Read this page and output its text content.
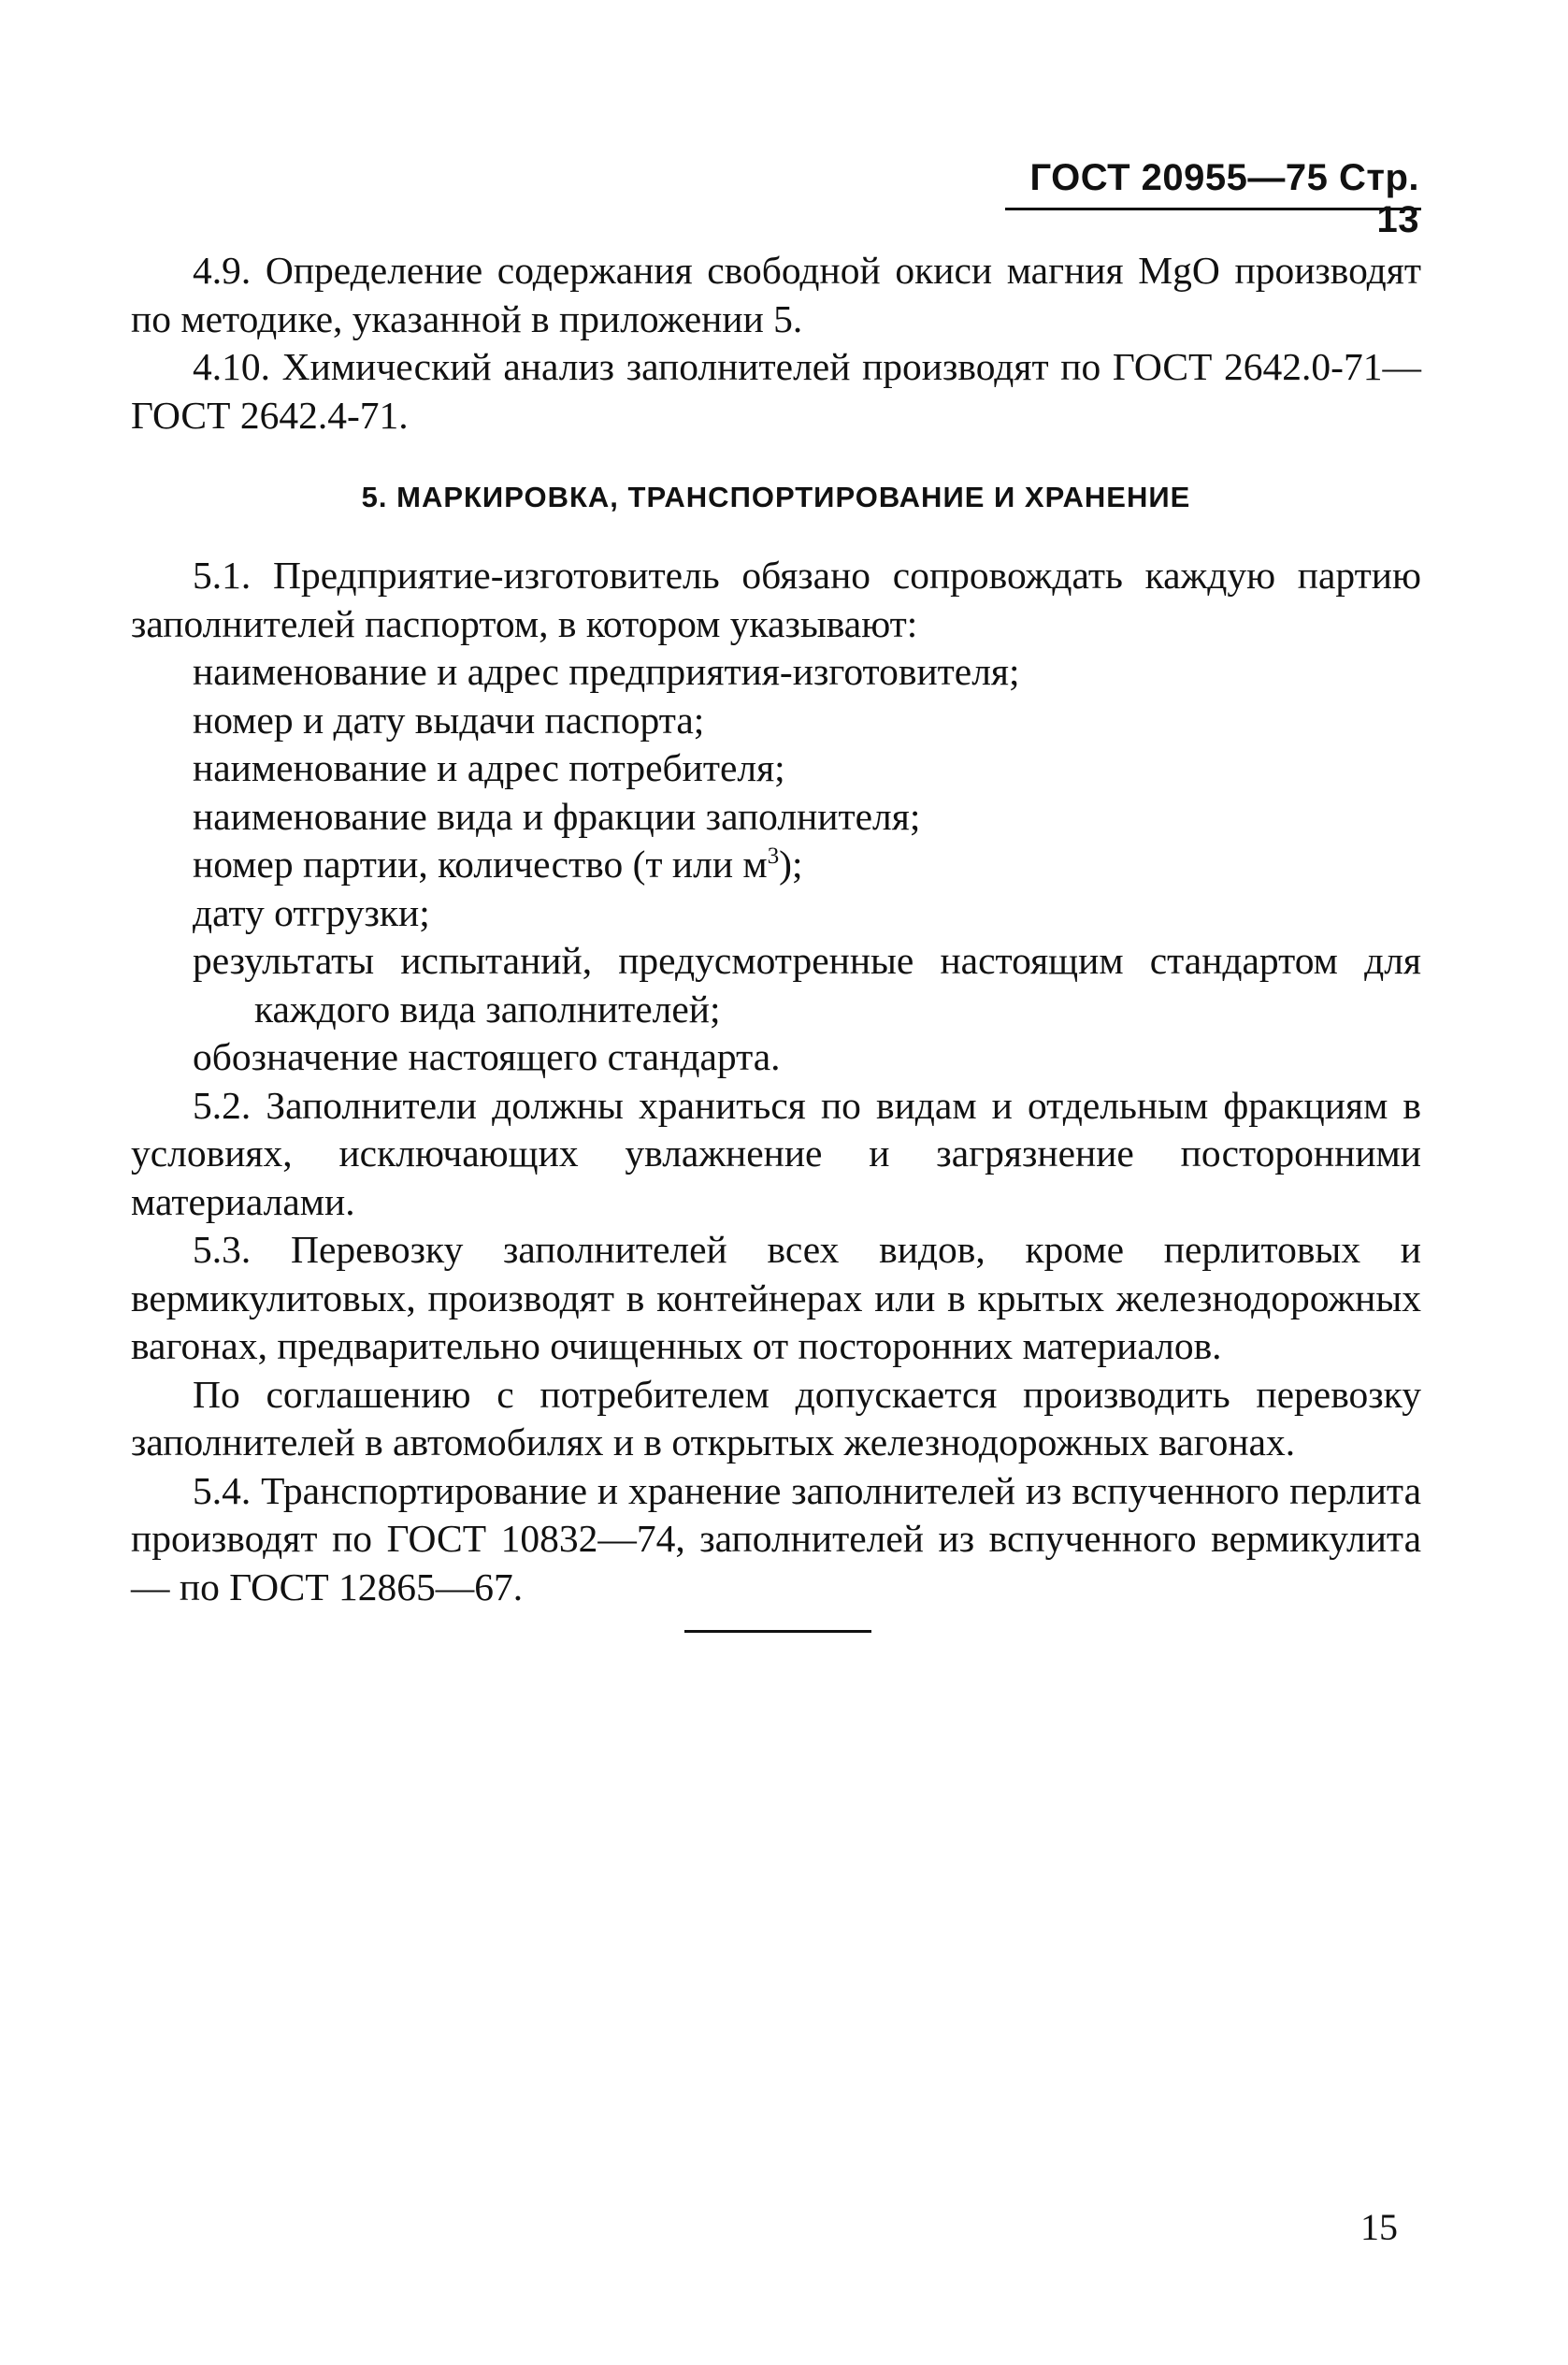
ГОСТ 20955—75 Стр. 13

4.9. Определение содержания свободной окиси магния MgO производят по методике, указанной в приложении 5.

4.10. Химический анализ заполнителей производят по ГОСТ 2642.0-71—ГОСТ 2642.4-71.

5. МАРКИРОВКА, ТРАНСПОРТИРОВАНИЕ И ХРАНЕНИЕ

5.1. Предприятие-изготовитель обязано сопровождать каждую партию заполнителей паспортом, в котором указывают:

наименование и адрес предприятия-изготовителя;

номер и дату выдачи паспорта;

наименование и адрес потребителя;

наименование вида и фракции заполнителя;

номер партии, количество (т или $м^3$);

дату отгрузки;

результаты испытаний, предусмотренные настоящим стандартом для каждого вида заполнителей;

обозначение настоящего стандарта.

5.2. Заполнители должны храниться по видам и отдельным фракциям в условиях, исключающих увлажнение и загрязнение посторонними материалами.

5.3. Перевозку заполнителей всех видов, кроме перлитовых и вермикулитовых, производят в контейнерах или в крытых железнодорожных вагонах, предварительно очищенных от посторонних материалов.

По соглашению с потребителем допускается производить перевозку заполнителей в автомобилях и в открытых железнодорожных вагонах.

5.4. Транспортирование и хранение заполнителей из вспученного перлита производят по ГОСТ 10832—74, заполнителей из вспученного вермикулита — по ГОСТ 12865—67.

15
